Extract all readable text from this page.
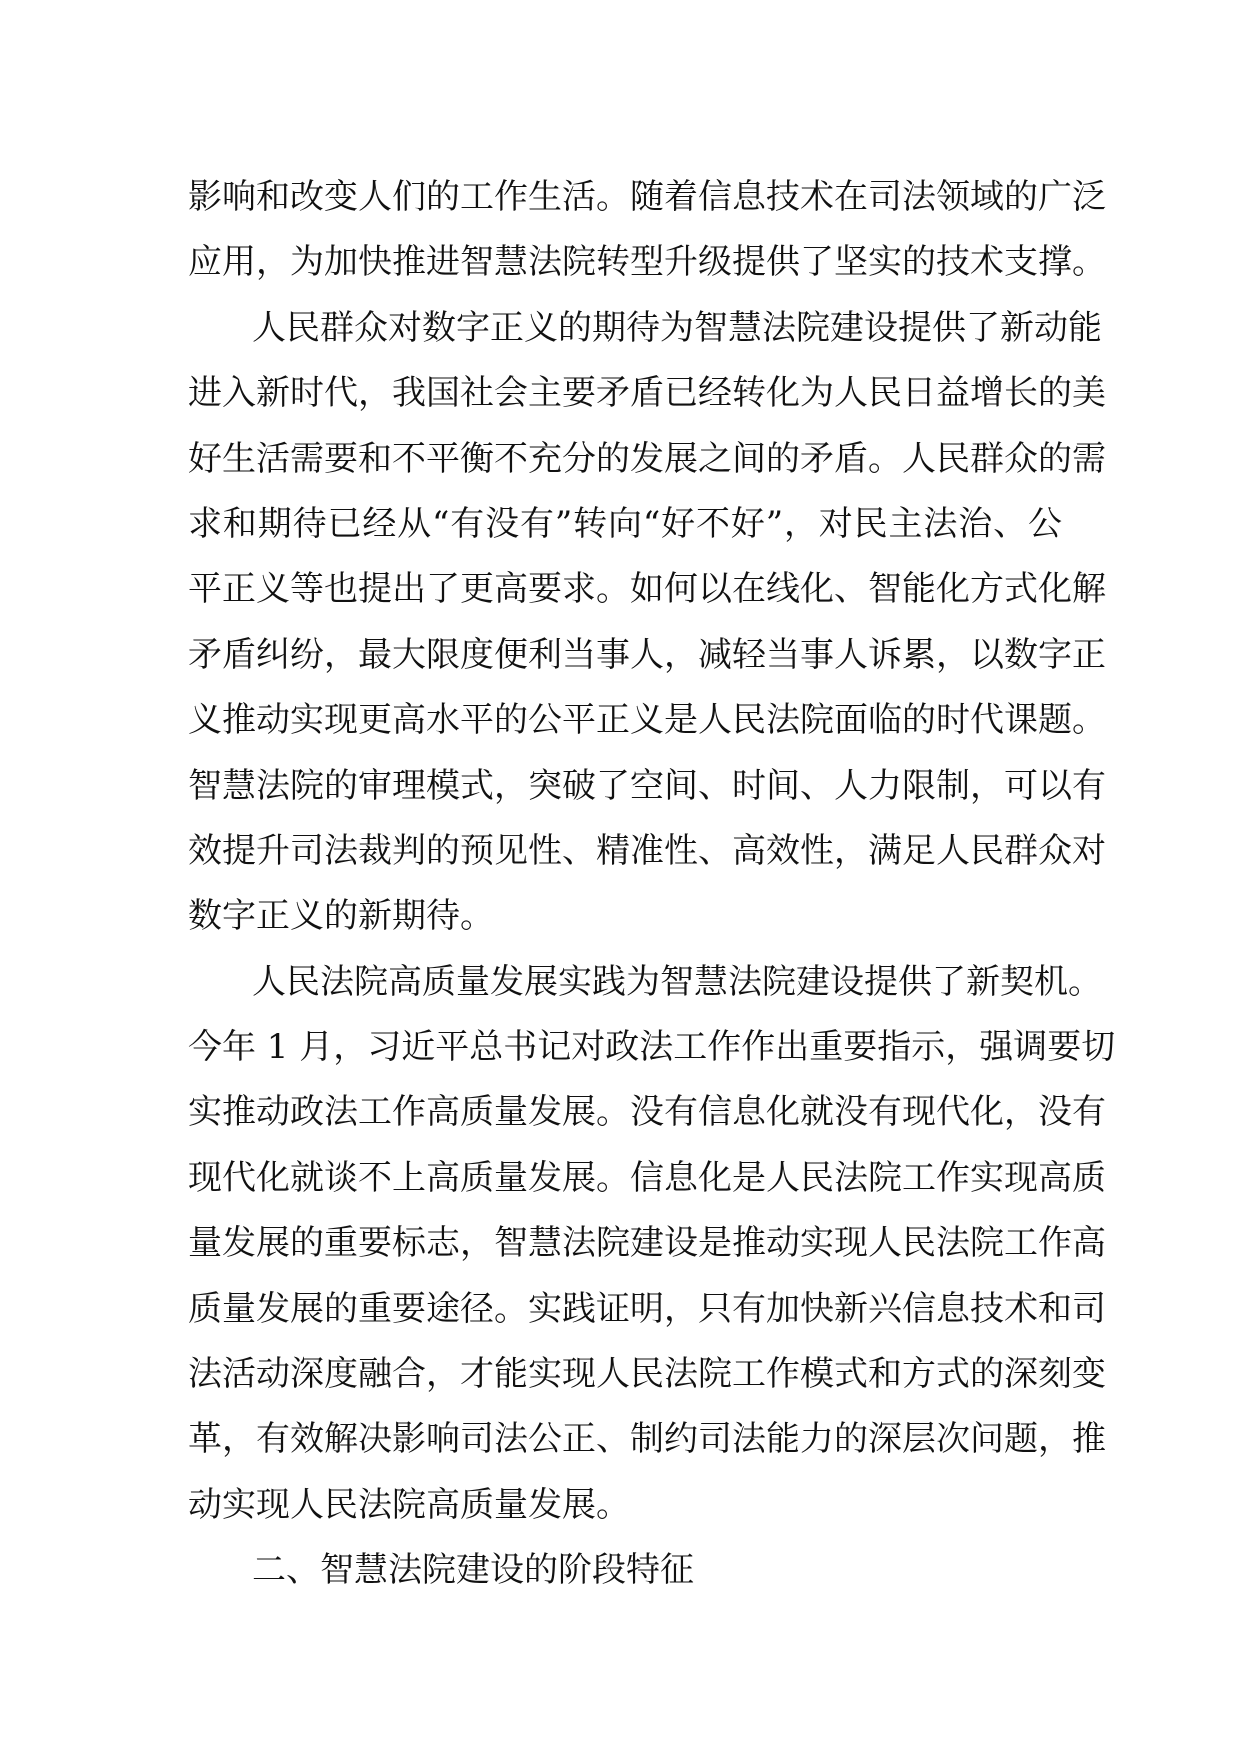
影响和改变人们的工作生活。随着信息技术在司法领域的广泛
应用，为加快推进智慧法院转型升级提供了坚实的技术支撑。
人民群众对数字正义的期待为智慧法院建设提供了新动能
进入新时代，我国社会主要矛盾已经转化为人民日益增长的美
好生活需要和不平衡不充分的发展之间的矛盾。人民群众的需
求和期待已经从“有没有”转向“好不好”，对民主法治、公
平正义等也提出了更高要求。如何以在线化、智能化方式化解
矛盾纠纷，最大限度便利当事人，减轻当事人诉累，以数字正
义推动实现更高水平的公平正义是人民法院面临的时代课题。
智慧法院的审理模式，突破了空间、时间、人力限制，可以有
效提升司法裁判的预见性、精准性、高效性，满足人民群众对
数字正义的新期待。
人民法院高质量发展实践为智慧法院建设提供了新契机。
今年 1 月，习近平总书记对政法工作作出重要指示，强调要切
实推动政法工作高质量发展。没有信息化就没有现代化，没有
现代化就谈不上高质量发展。信息化是人民法院工作实现高质
量发展的重要标志，智慧法院建设是推动实现人民法院工作高
质量发展的重要途径。实践证明，只有加快新兴信息技术和司
法活动深度融合，才能实现人民法院工作模式和方式的深刻变
革，有效解决影响司法公正、制约司法能力的深层次问题，推
动实现人民法院高质量发展。
二、智慧法院建设的阶段特征
